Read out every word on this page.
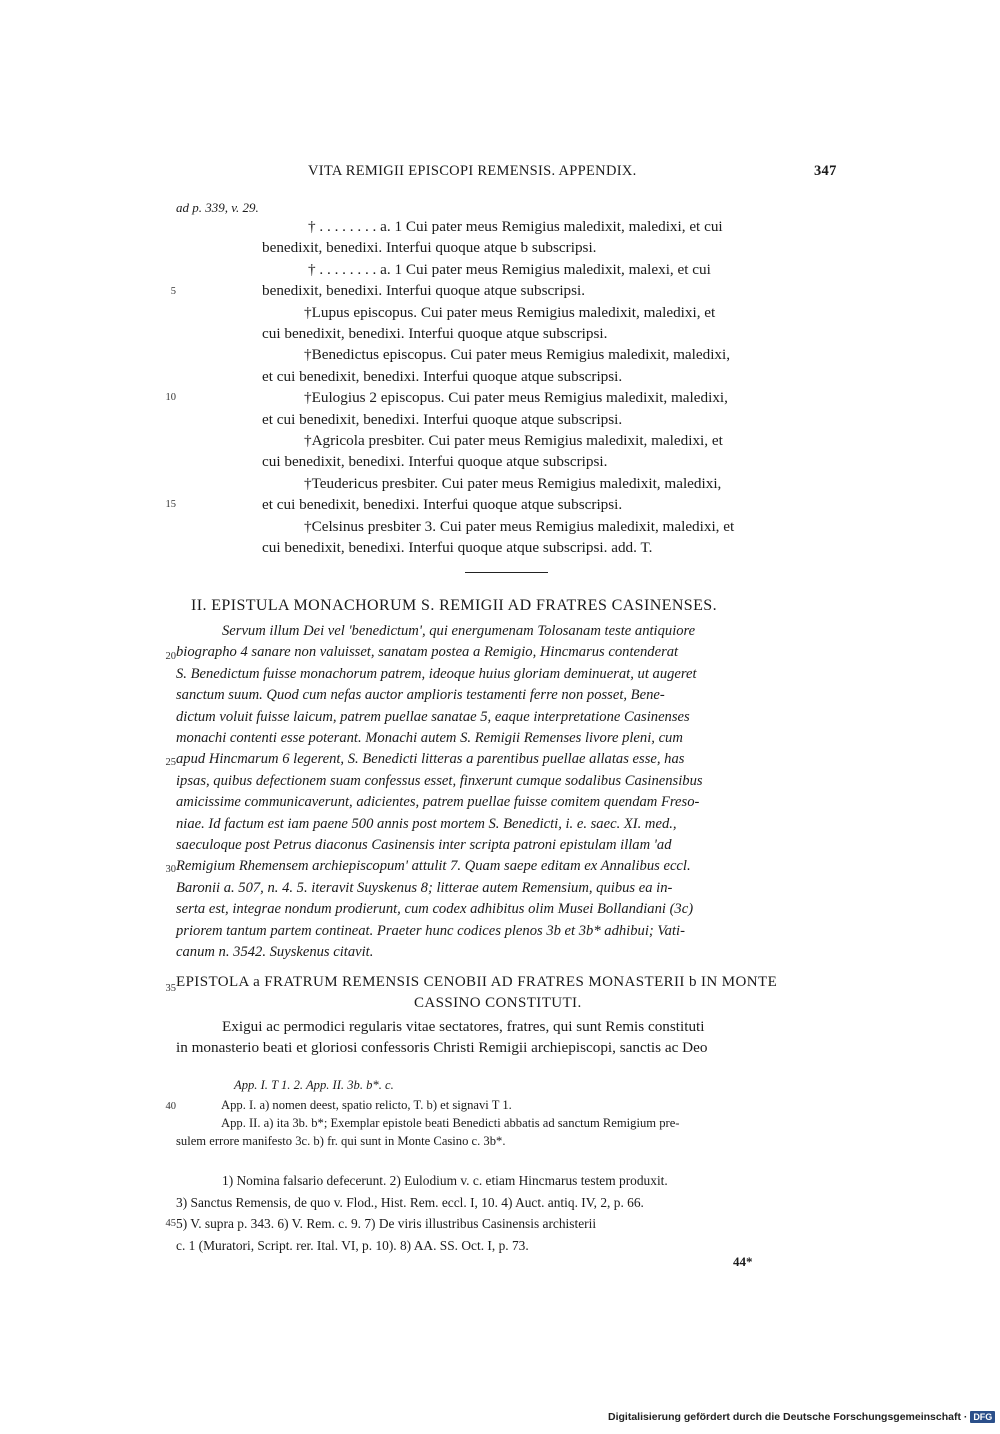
VITA REMIGII EPISCOPI REMENSIS. APPENDIX.	347
ad p. 339, v. 29.
† . . . . . . . . a. 1 Cui pater meus Remigius maledixit, maledixi, et cui
benedixit, benedixi. Interfui quoque atque b subscripsi.
† . . . . . . . . a. 1 Cui pater meus Remigius maledixit, malexi, et cui
benedixit, benedixi. Interfui quoque atque subscripsi.
†Lupus episcopus. Cui pater meus Remigius maledixit, maledixi, et
cui benedixit, benedixi. Interfui quoque atque subscripsi.
†Benedictus episcopus. Cui pater meus Remigius maledixit, maledixi,
et cui benedixit, benedixi. Interfui quoque atque subscripsi.
†Eulogius 2 episcopus. Cui pater meus Remigius maledixit, maledixi,
et cui benedixit, benedixi. Interfui quoque atque subscripsi.
†Agricola presbiter. Cui pater meus Remigius maledixit, maledixi, et
cui benedixit, benedixi. Interfui quoque atque subscripsi.
†Teudericus presbiter. Cui pater meus Remigius maledixit, maledixi,
et cui benedixit, benedixi. Interfui quoque atque subscripsi.
†Celsinus presbiter 3. Cui pater meus Remigius maledixit, maledixi, et
cui benedixit, benedixi. Interfui quoque atque subscripsi. add. T.
II. EPISTULA MONACHORUM S. REMIGII AD FRATRES CASINENSES.
Servum illum Dei vel 'benedictum', qui energumenam Tolosanam teste antiquiore
biographo 4 sanare non valuisset, sanatam postea a Remigio, Hincmarus contenderat
S. Benedictum fuisse monachorum patrem, ideoque huius gloriam deminuerat, ut augeret
sanctum suum. Quod cum nefas auctor amplioris testamenti ferre non posset, Bene-
dictum voluit fuisse laicum, patrem puellae sanatae 5, eaque interpretatione Casinenses
monachi contenti esse poterant. Monachi autem S. Remigii Remenses livore pleni, cum
apud Hincmarum 6 legerent, S. Benedicti litteras a parentibus puellae allatas esse, has
ipsas, quibus defectionem suam confessus esset, finxerunt cumque sodalibus Casinensibus
amicissime communicaverunt, adicientes, patrem puellae fuisse comitem quendam Freso-
niae. Id factum est iam paene 500 annis post mortem S. Benedicti, i. e. saec. XI. med.,
saeculoque post Petrus diaconus Casinensis inter scripta patroni epistulam illam 'ad
Remigium Rhemensem archiepiscopum' attulit 7. Quam saepe editam ex Annalibus eccl.
Baronii a. 507, n. 4. 5. iteravit Suyskenus 8; litterae autem Remensium, quibus ea in-
serta est, integrae nondum prodierunt, cum codex adhibitus olim Musei Bollandiani (3c)
priorem tantum partem contineat. Praeter hunc codices plenos 3b et 3b* adhibui; Vati-
canum n. 3542. Suyskenus citavit.
EPISTOLA a FRATRUM REMENSIS CENOBII AD FRATRES MONASTERII b IN MONTE
CASSINO CONSTITUTI.
Exigui ac permodici regularis vitae sectatores, fratres, qui sunt Remis constituti
in monasterio beati et gloriosi confessoris Christi Remigii archiepiscopi, sanctis ac Deo
App. I. T 1. 2. App. II. 3b. b*. c.
App. I. a) nomen deest, spatio relicto, T. b) et signavi T 1.
App. II. a) ita 3b. b*; Exemplar epistole beati Benedicti abbatis ad sanctum Remigium pre-
sulem errore manifesto 3c. b) fr. qui sunt in Monte Casino c. 3b*.
1) Nomina falsario defecerunt. 2) Eulodium v. c. etiam Hincmarus testem produxit.
3) Sanctus Remensis, de quo v. Flod., Hist. Rem. eccl. I, 10. 4) Auct. antiq. IV, 2, p. 66.
5) V. supra p. 343. 6) V. Rem. c. 9. 7) De viris illustribus Casinensis archisterii
c. 1 (Muratori, Script. rer. Ital. VI, p. 10). 8) AA. SS. Oct. I, p. 73.
44*
5
10
15
20
25
30
35
40
45
Digitalisierung gefördert durch die Deutsche Forschungsgemeinschaft · DFG
